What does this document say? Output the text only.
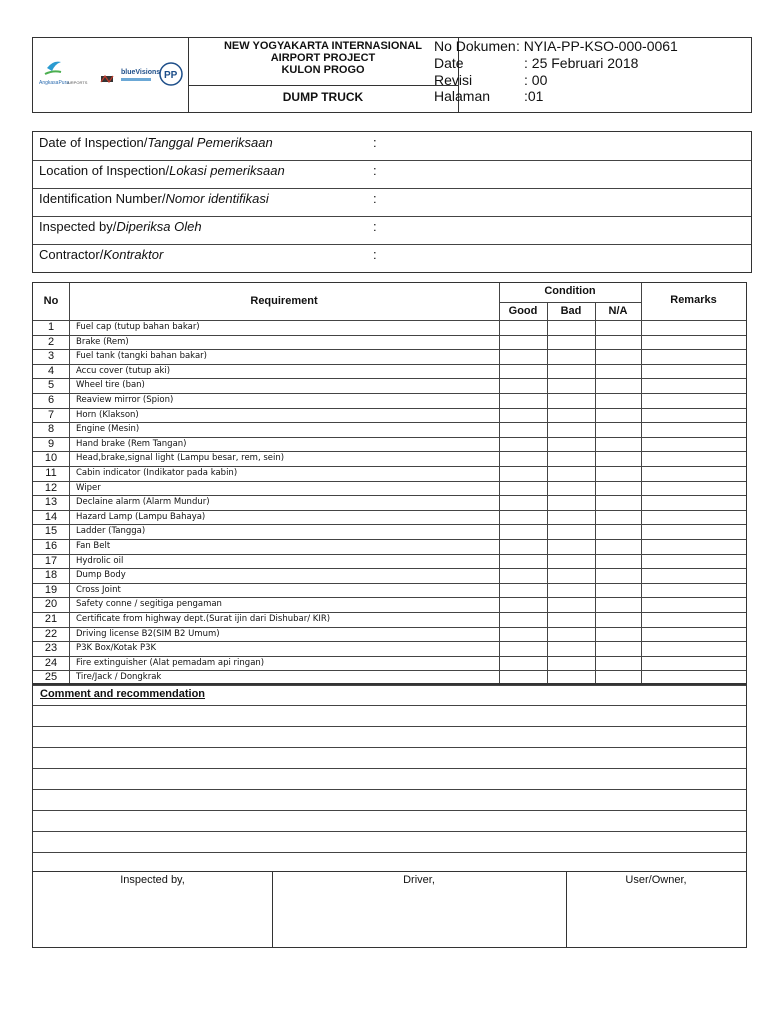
AngkasaPura
AIRPORTS
blueVisions PP
NEW YOGYAKARTA INTERNASIONAL
AIRPORT PROJECT
KULON PROGO
DUMP TRUCK
No Dokumen: NYIA-PP-KSO-000-0061
Date	: 25 Februari 2018
Revisi	: 00
Halaman :01
Date of Inspection/Tanggal Pemeriksaan	:
Location of Inspection/Lokasi pemeriksaan	:
Identification Number/Nomor identifikasi	:
Inspected by/Diperiksa Oleh	:
Contractor/Kontraktor	:
No	Requirement
Condition
Good	Bad	N/A
Remarks
1	Fuel cap (tutup bahan bakar)
2	Brake (Rem)
3	Fuel tank (tangki bahan bakar)
4	Accu cover (tutup aki)
5	Wheel tire (ban)
6	Reaview mirror (Spion)
7	Horn (Klakson)
8	Engine (Mesin)
9	Hand brake (Rem Tangan)
10	Head,brake,signal light (Lampu besar, rem, sein)
11	Cabin indicator (Indikator pada kabin)
12	Wiper
13	Declaine alarm (Alarm Mundur)
14	Hazard Lamp (Lampu Bahaya)
15	Ladder (Tangga)
16	Fan Belt
17	Hydrolic oil
18	Dump Body
19	Cross Joint
20	Safety conne / segitiga pengaman
21	Certificate from highway dept.(Surat ijin dari Dishubar/ KIR)
22	Driving license B2(SIM B2 Umum)
23	P3K Box/Kotak P3K
24	Fire extinguisher (Alat pemadam api ringan)
25	Tire/Jack / Dongkrak
Comment and recommendation
Inspected by,	Driver,	User/Owner,
